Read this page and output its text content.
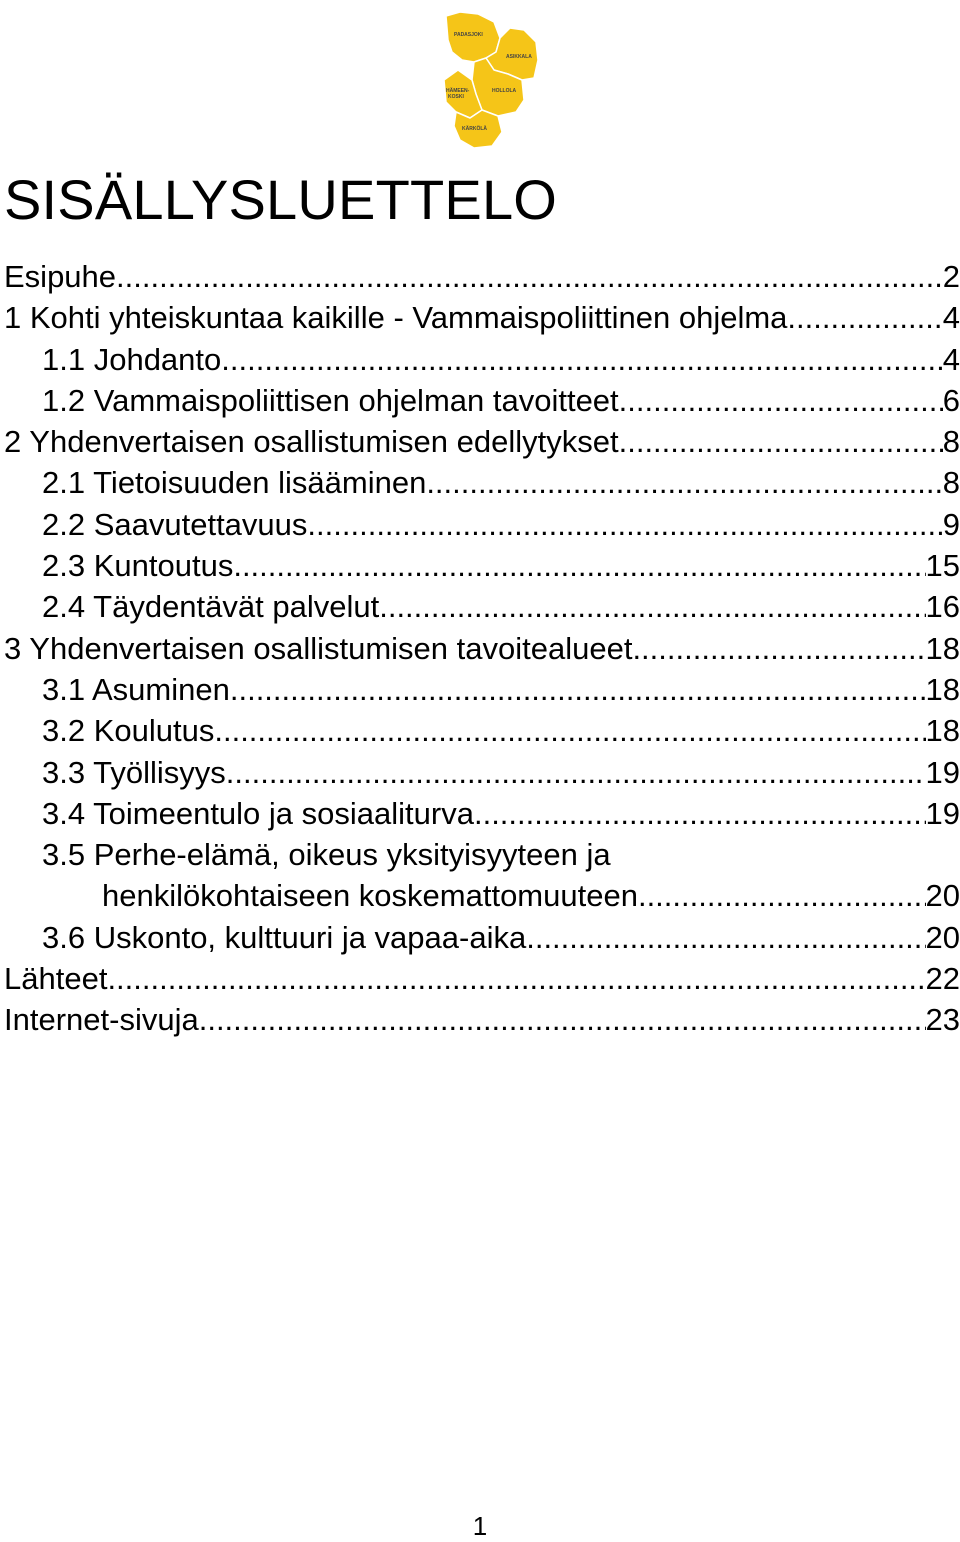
PADASJOKI
ASIKKALA
HOLLOLA
HÄMEEN-
KOSKI
KÄRKÖLÄ
SISÄLLYSLUETTELO
Esipuhe .....	2
1 Kohti yhteiskuntaa kaikille - Vammaispoliittinen ohjelma .....	4
1.1 Johdanto .....	4
1.2 Vammaispoliittisen ohjelman tavoitteet .....	6
2 Yhdenvertaisen osallistumisen edellytykset .....	8
2.1 Tietoisuuden lisääminen .....	8
2.2 Saavutettavuus .....	9
2.3 Kuntoutus .....	15
2.4 Täydentävät palvelut .....	16
3 Yhdenvertaisen osallistumisen tavoitealueet .....	18
3.1 Asuminen .....	18
3.2 Koulutus .....	18
3.3 Työllisyys .....	19
3.4 Toimeentulo ja sosiaaliturva .....	19
3.5 Perhe-elämä, oikeus yksityisyyteen ja
henkilökohtaiseen koskemattomuuteen .....	20
3.6 Uskonto, kulttuuri ja vapaa-aika .....	20
Lähteet .....	22
Internet-sivuja .....	23
1
